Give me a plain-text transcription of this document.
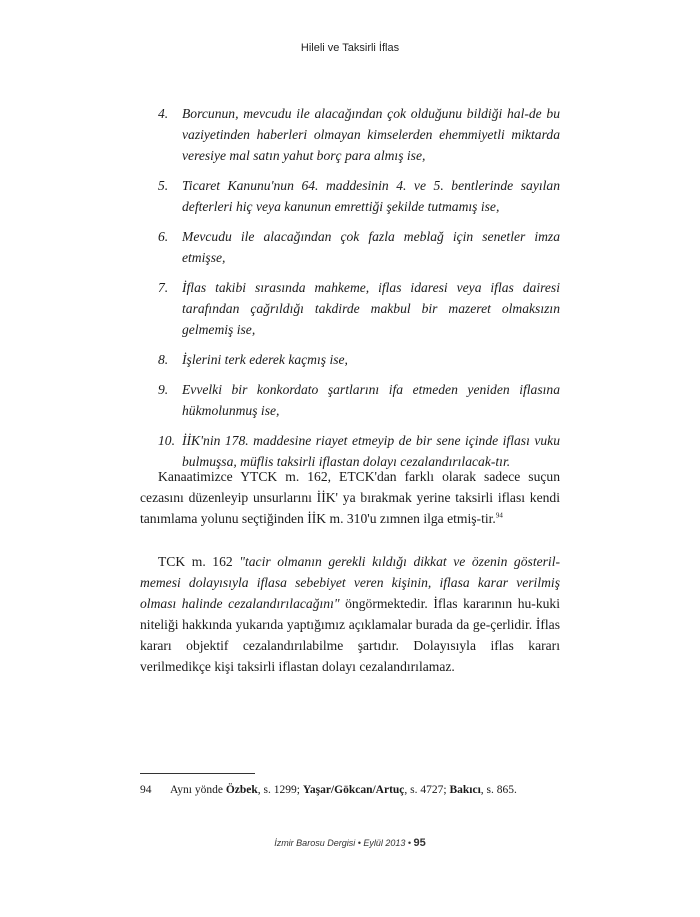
Hileli ve Taksirli İflas
4.	Borcunun, mevcudu ile alacağından çok olduğunu bildiği hal-de bu vaziyetinden haberleri olmayan kimselerden ehemmiyetli miktarda veresiye mal satın yahut borç para almış ise,
5.	Ticaret Kanunu'nun 64. maddesinin 4. ve 5. bentlerinde sayılan defterleri hiç veya kanunun emrettiği şekilde tutmamış ise,
6.	Mevcudu ile alacağından çok fazla meblağ için senetler imza etmişse,
7.	İflas takibi sırasında mahkeme, iflas idaresi veya iflas dairesi tarafından çağrıldığı takdirde makbul bir mazeret olmaksızın gelmemiş ise,
8.	İşlerini terk ederek kaçmış ise,
9.	Evvelki bir konkordato şartlarını ifa etmeden yeniden iflasına hükmolunmuş ise,
10. İİK'nin 178. maddesine riayet etmeyip de bir sene içinde iflası vuku bulmuşsa, müflis taksirli iflastan dolayı cezalandırılacak-tır.
Kanaatimizce YTCK m. 162, ETCK'dan farklı olarak sadece suçun cezasını düzenleyip unsurlarını İİK' ya bırakmak yerine taksirli iflası kendi tanımlama yolunu seçtiğinden İİK m. 310'u zımnen ilga etmiş-tir.$^{94}$
TCK m. 162 "tacir olmanın gerekli kıldığı dikkat ve özenin gösteril-memesi dolayısıyla iflasa sebebiyet veren kişinin, iflasa karar verilmiş olması halinde cezalandırılacağını" öngörmektedir. İflas kararının hu-kuki niteliği hakkında yukarıda yaptığımız açıklamalar burada da ge-çerlidir. İflas kararı objektif cezalandırılabilme şartıdır. Dolayısıyla iflas kararı verilmedikçe kişi taksirli iflastan dolayı cezalandırılamaz.
94 Aynı yönde Özbek, s. 1299; Yaşar/Gökcan/Artuç, s. 4727; Bakıcı, s. 865.
İzmir Barosu Dergisi • Eylül 2013 • 95
